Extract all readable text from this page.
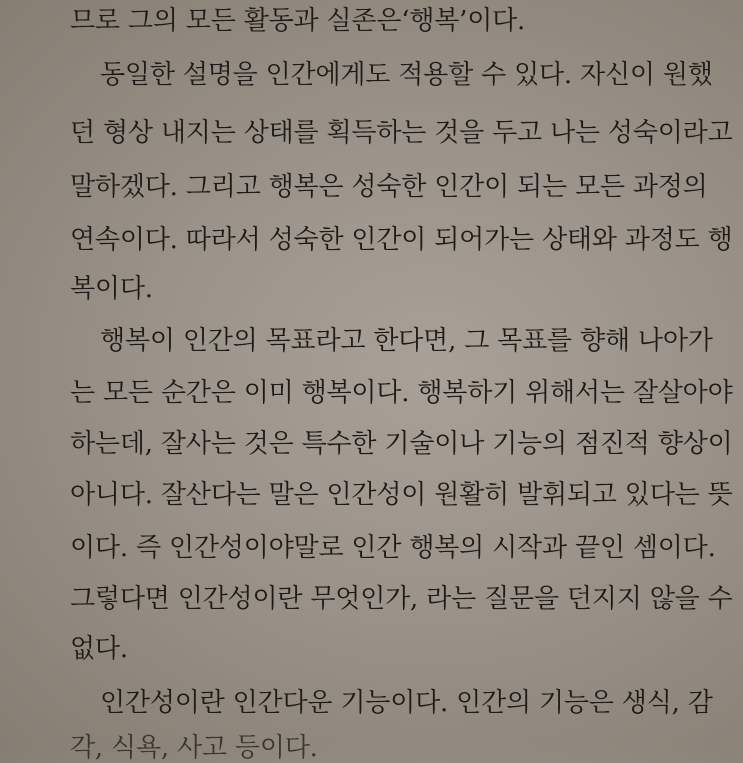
므로 그의 모든 활동과 실존은‘행복’이다.
동일한 설명을 인간에게도 적용할 수 있다. 자신이 원했
던 형상 내지는 상태를 획득하는 것을 두고 나는 성숙이라고
말하겠다. 그리고 행복은 성숙한 인간이 되는 모든 과정의
연속이다. 따라서 성숙한 인간이 되어가는 상태와 과정도 행
복이다.
행복이 인간의 목표라고 한다면, 그 목표를 향해 나아가
는 모든 순간은 이미 행복이다. 행복하기 위해서는 잘살아야
하는데, 잘사는 것은 특수한 기술이나 기능의 점진적 향상이
아니다. 잘산다는 말은 인간성이 원활히 발휘되고 있다는 뜻
이다. 즉 인간성이야말로 인간 행복의 시작과 끝인 셈이다.
그렇다면 인간성이란 무엇인가, 라는 질문을 던지지 않을 수
없다.
인간성이란 인간다운 기능이다. 인간의 기능은 생식, 감
각, 식욕, 사고 등이다.
